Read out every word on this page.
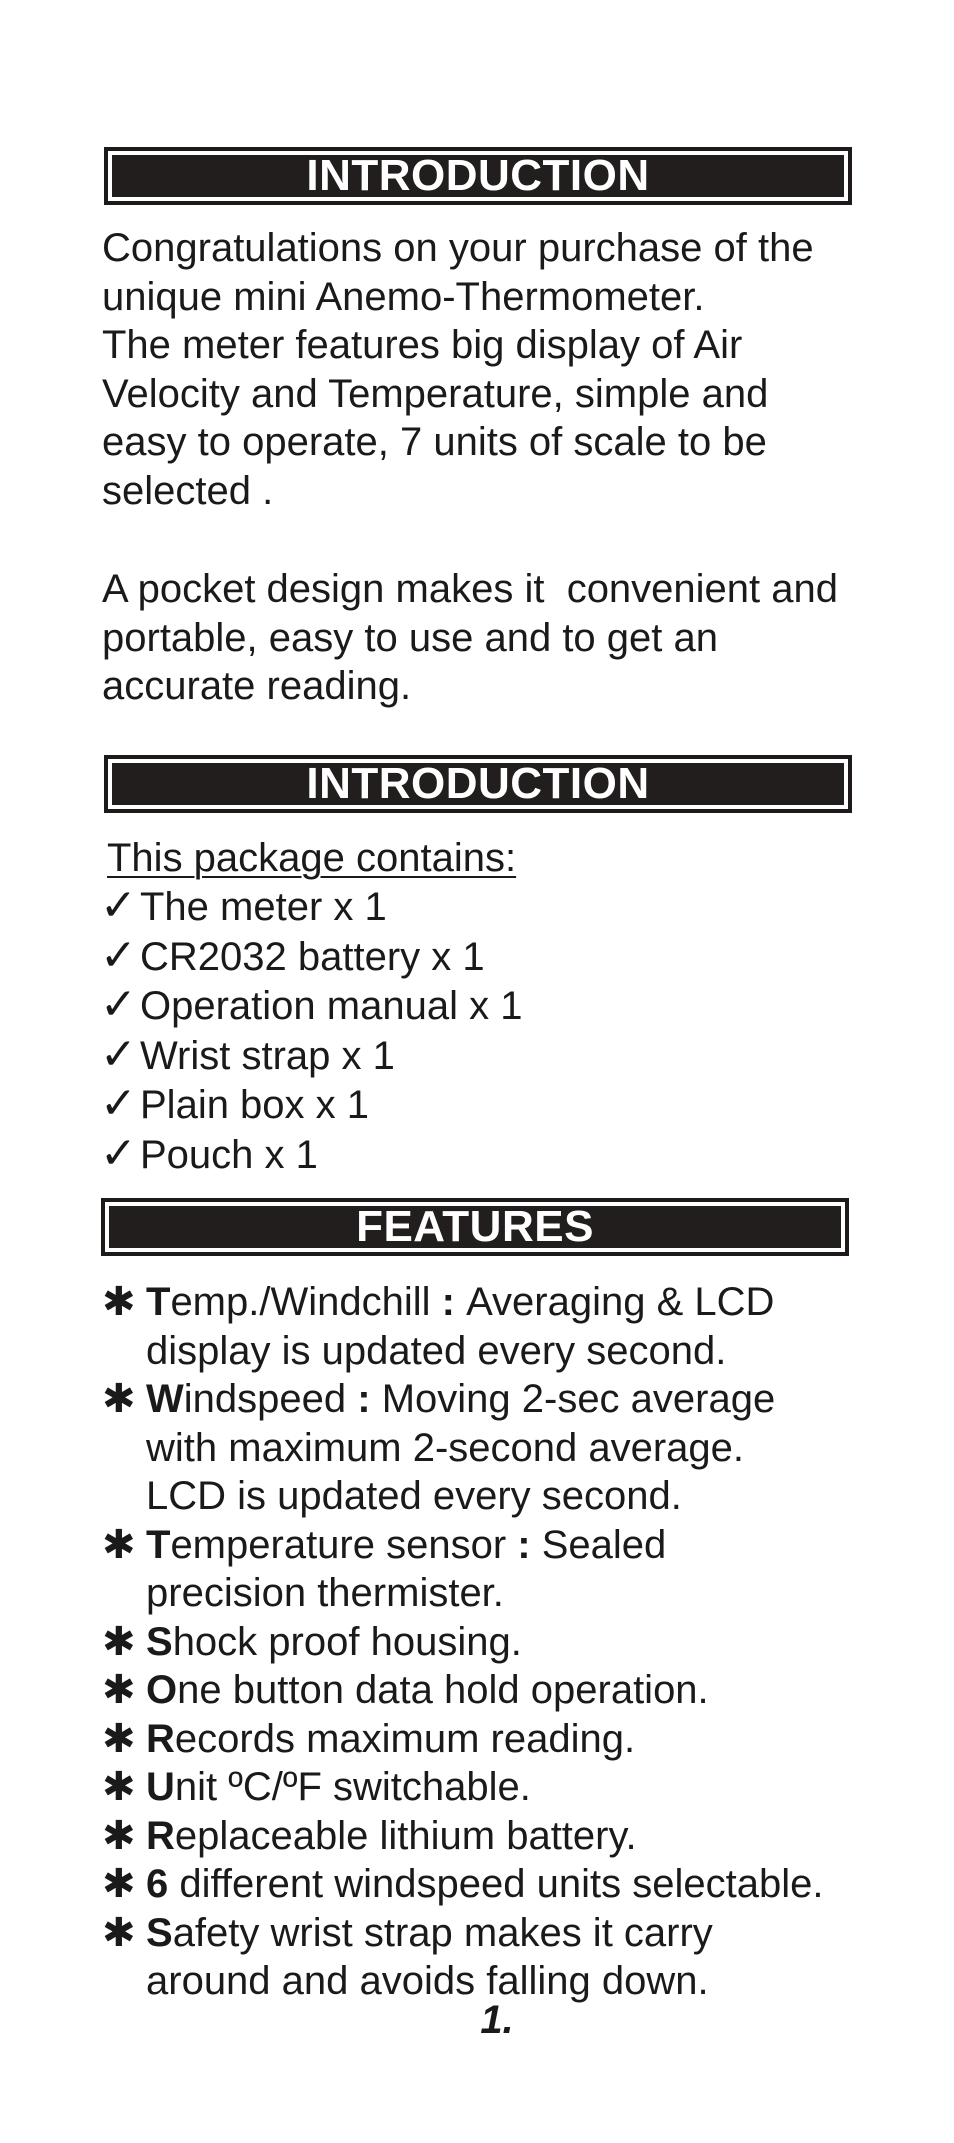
INTRODUCTION
Congratulations on your purchase of the
unique mini Anemo-Thermometer.
The meter features big display of Air
Velocity and Temperature, simple and
easy to operate, 7 units of scale to be
selected .
A pocket design makes it  convenient and
portable, easy to use and to get an
accurate reading.
INTRODUCTION
This package contains:
✓ The meter x 1
✓ CR2032 battery x 1
✓ Operation manual x 1
✓ Wrist strap x 1
✓ Plain box x 1
✓ Pouch x 1
FEATURES
✱ Temp./Windchill : Averaging & LCD
display is updated every second.
✱ Windspeed : Moving 2-sec average
with maximum 2-second average.
LCD is updated every second.
✱ Temperature sensor : Sealed
precision thermister.
✱ Shock proof housing.
✱ One button data hold operation.
✱ Records maximum reading.
✱ Unit ºC/ºF switchable.
✱ Replaceable lithium battery.
✱ 6 different windspeed units selectable.
✱ Safety wrist strap makes it carry
around and avoids falling down.
1.
